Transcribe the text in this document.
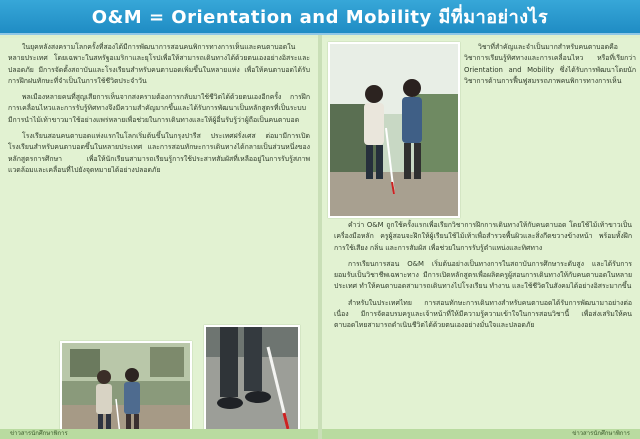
O&M = Orientation and Mobility มีที่มาอย่างไร

ในยุคหลังสงครามโลกครั้งที่สองได้มีการพัฒนาการสอนคนพิการทางการเห็นและคนตาบอดในหลายประเทศ โดยเฉพาะในสหรัฐอเมริกาและยุโรปเพื่อให้สามารถเดินทางได้ด้วยตนเองอย่างอิสระและปลอดภัย มีการจัดตั้งสถาบันและโรงเรียนสำหรับคนตาบอดเพิ่มขึ้นในหลายแห่ง เพื่อให้คนตาบอดได้รับการฝึกฝนทักษะที่จำเป็นในการใช้ชีวิตประจำวัน

พลเมืองหลายคนที่สูญเสียการเห็นจากสงครามต้องการกลับมาใช้ชีวิตได้ด้วยตนเองอีกครั้ง การฝึกการเคลื่อนไหวและการรับรู้ทิศทางจึงมีความสำคัญมากขึ้นและได้รับการพัฒนาเป็นหลักสูตรที่เป็นระบบ มีการนำไม้เท้าขาวมาใช้อย่างแพร่หลายเพื่อช่วยในการเดินทางและให้ผู้อื่นรับรู้ว่าผู้ถือเป็นคนตาบอด

โรงเรียนสอนคนตาบอดแห่งแรกในโลกเริ่มต้นขึ้นในกรุงปารีส ประเทศฝรั่งเศส ต่อมามีการเปิดโรงเรียนสำหรับคนตาบอดขึ้นในหลายประเทศ และการสอนทักษะการเดินทางได้กลายเป็นส่วนหนึ่งของหลักสูตรการศึกษา เพื่อให้นักเรียนสามารถเรียนรู้การใช้ประสาทสัมผัสที่เหลืออยู่ในการรับรู้สภาพแวดล้อมและเคลื่อนที่ไปยังจุดหมายได้อย่างปลอดภัย

ข่าวสารนักศึกษาพิการ

วิชาที่สำคัญและจำเป็นมากสำหรับคนตาบอดคือวิชาการเรียนรู้ทิศทางและการเคลื่อนไหว หรือที่เรียกว่า Orientation and Mobility ซึ่งได้รับการพัฒนาโดยนักวิชาการด้านการฟื้นฟูสมรรถภาพคนพิการทางการเห็น

คำว่า O&M ถูกใช้ครั้งแรกเพื่อเรียกวิชาการฝึกการเดินทางให้กับคนตาบอด โดยใช้ไม้เท้าขาวเป็นเครื่องมือหลัก ครูผู้สอนจะฝึกให้ผู้เรียนใช้ไม้เท้าเพื่อสำรวจพื้นผิวและสิ่งกีดขวางข้างหน้า พร้อมทั้งฝึกการใช้เสียง กลิ่น และการสัมผัส เพื่อช่วยในการรับรู้ตำแหน่งและทิศทาง

การเรียนการสอน O&M เริ่มต้นอย่างเป็นทางการในสถาบันการศึกษาระดับสูง และได้รับการยอมรับเป็นวิชาชีพเฉพาะทาง มีการเปิดหลักสูตรเพื่อผลิตครูผู้สอนการเดินทางให้กับคนตาบอดในหลายประเทศ ทำให้คนตาบอดสามารถเดินทางไปโรงเรียน ทำงาน และใช้ชีวิตในสังคมได้อย่างอิสระมากขึ้น

สำหรับในประเทศไทย การสอนทักษะการเดินทางสำหรับคนตาบอดได้รับการพัฒนามาอย่างต่อเนื่อง มีการจัดอบรมครูและเจ้าหน้าที่ให้มีความรู้ความเข้าใจในการสอนวิชานี้ เพื่อส่งเสริมให้คนตาบอดไทยสามารถดำเนินชีวิตได้ด้วยตนเองอย่างมั่นใจและปลอดภัย

ข่าวสารนักศึกษาพิการ
